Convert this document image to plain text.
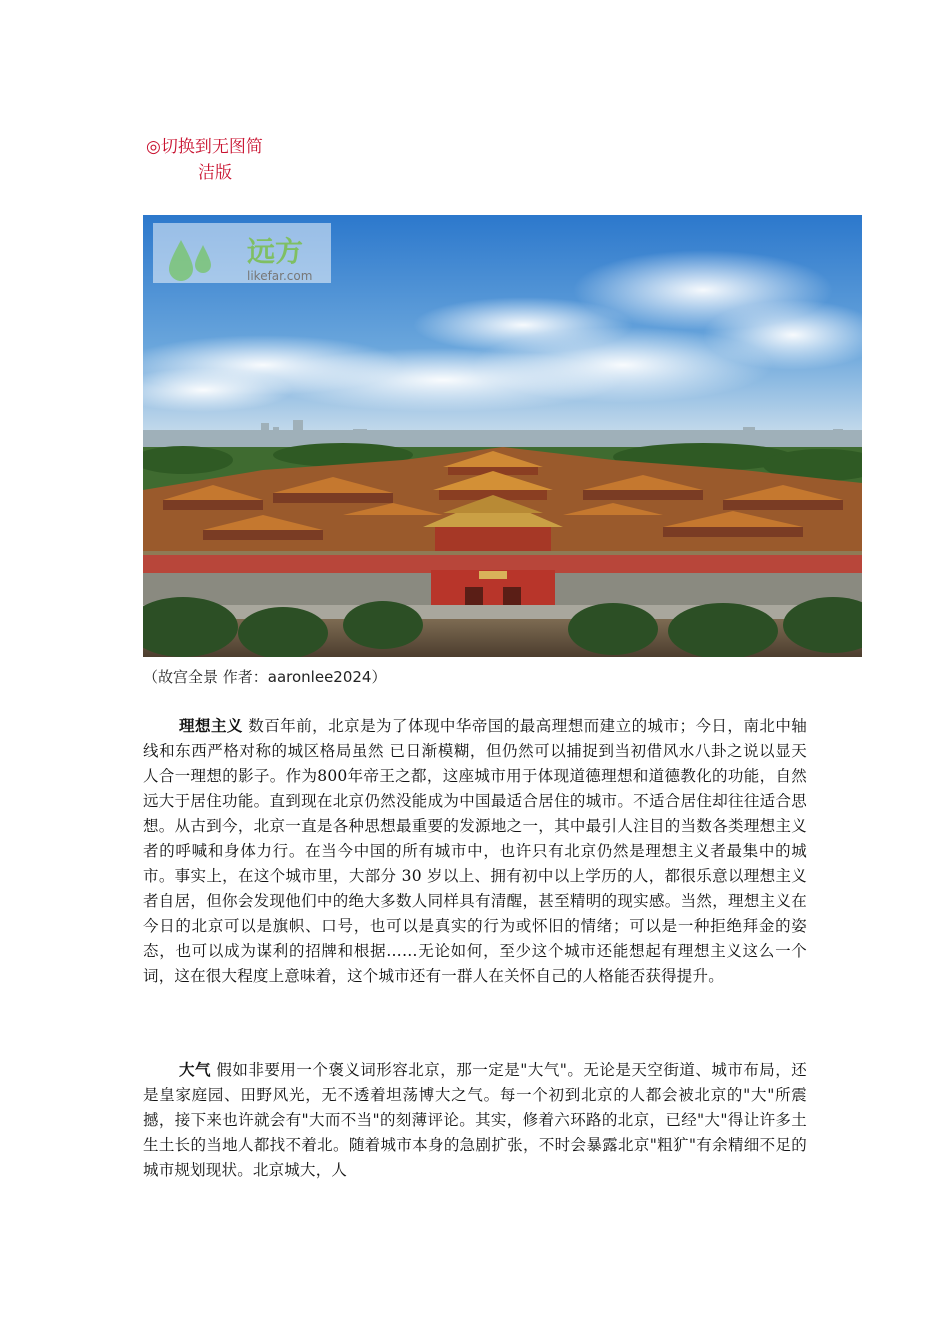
◎切换到无图简
洁版
远方
likefar.com
（故宫全景 作者：aaronlee2024）

理想主义 数百年前，北京是为了体现中华帝国的最高理想而建立的城市；今日，南北中轴线和东西严格对称的城区格局虽然 已日渐模糊，但仍然可以捕捉到当初借风水八卦之说以显天人合一理想的影子。作为800年帝王之都，这座城市用于体现道德理想和道德教化的功能，自然远大于居住功能。直到现在北京仍然没能成为中国最适合居住的城市。不适合居住却往往适合思想。从古到今，北京一直是各种思想最重要的发源地之一，其中最引人注目的当数各类理想主义者的呼喊和身体力行。在当今中国的所有城市中，也许只有北京仍然是理想主义者最集中的城市。事实上，在这个城市里，大部分 30 岁以上、拥有初中以上学历的人，都很乐意以理想主义者自居，但你会发现他们中的绝大多数人同样具有清醒，甚至精明的现实感。当然，理想主义在今日的北京可以是旗帜、口号，也可以是真实的行为或怀旧的情绪；可以是一种拒绝拜金的姿态，也可以成为谋利的招牌和根据……无论如何，至少这个城市还能想起有理想主义这么一个词，这在很大程度上意味着，这个城市还有一群人在关怀自己的人格能否获得提升。

大气 假如非要用一个褒义词形容北京，那一定是"大气"。无论是天空街道、城市布局，还是皇家庭园、田野风光，无不透着坦荡博大之气。每一个初到北京的人都会被北京的"大"所震撼，接下来也许就会有"大而不当"的刻薄评论。其实，修着六环路的北京，已经"大"得让许多土生土长的当地人都找不着北。随着城市本身的急剧扩张，不时会暴露北京"粗犷"有余精细不足的城市规划现状。北京城大，人
